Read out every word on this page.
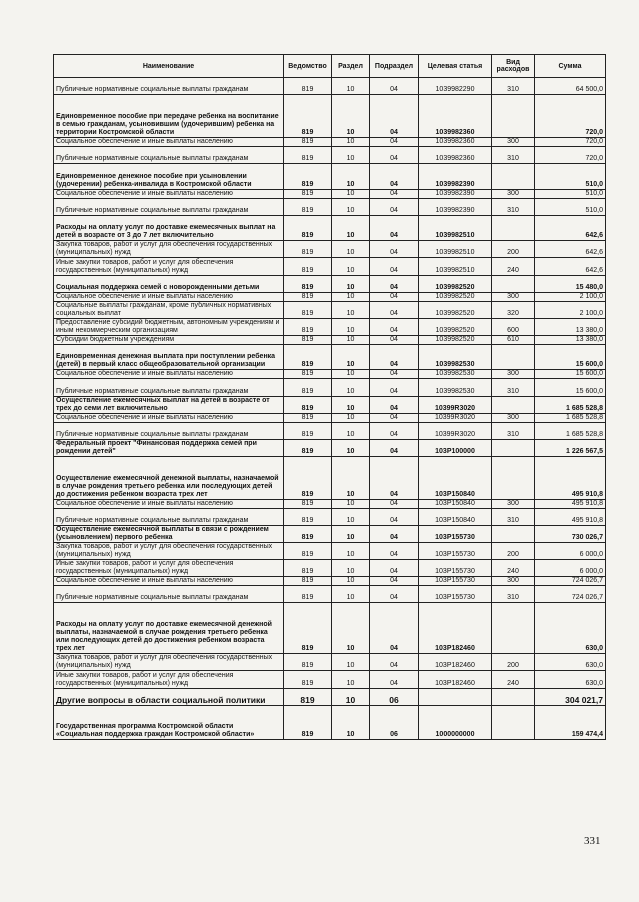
Наименование	Ведомство	Раздел	Подраздел	Целевая статья	Вид расходов	Сумма
Публичные нормативные социальные выплаты гражданам	819	10	04	1039982290	310	64 500,0
Единовременное пособие при передаче ребенка на воспитание в семью гражданам, усыновившим (удочерившим) ребенка на территории Костромской области	819	10	04	1039982360		720,0
Социальное обеспечение и иные выплаты населению	819	10	04	1039982360	300	720,0
Публичные нормативные социальные выплаты гражданам	819	10	04	1039982360	310	720,0
Единовременное денежное пособие при усыновлении (удочерении) ребенка-инвалида в Костромской области	819	10	04	1039982390		510,0
Социальное обеспечение и иные выплаты населению	819	10	04	1039982390	300	510,0
Публичные нормативные социальные выплаты гражданам	819	10	04	1039982390	310	510,0
Расходы на оплату услуг по доставке ежемесячных выплат на детей в возрасте от 3 до 7 лет включительно	819	10	04	1039982510		642,6
Закупка товаров, работ и услуг для обеспечения государственных (муниципальных) нужд	819	10	04	1039982510	200	642,6
Иные закупки товаров, работ и услуг для обеспечения государственных (муниципальных) нужд	819	10	04	1039982510	240	642,6
Социальная поддержка семей с новорожденными детьми	819	10	04	1039982520		15 480,0
Социальное обеспечение и иные выплаты населению	819	10	04	1039982520	300	2 100,0
Социальные выплаты гражданам, кроме публичных нормативных социальных выплат	819	10	04	1039982520	320	2 100,0
Предоставление субсидий бюджетным, автономным учреждениям и иным некоммерческим организациям	819	10	04	1039982520	600	13 380,0
Субсидии бюджетным учреждениям	819	10	04	1039982520	610	13 380,0
Единовременная денежная выплата при поступлении ребенка (детей) в первый класс общеобразовательной организации	819	10	04	1039982530		15 600,0
Социальное обеспечение и иные выплаты населению	819	10	04	1039982530	300	15 600,0
Публичные нормативные социальные выплаты гражданам	819	10	04	1039982530	310	15 600,0
Осуществление ежемесячных выплат на детей в возрасте от трех до семи лет включительно	819	10	04	10399R3020		1 685 528,8
Социальное обеспечение и иные выплаты населению	819	10	04	10399R3020	300	1 685 528,8
Публичные нормативные социальные выплаты гражданам	819	10	04	10399R3020	310	1 685 528,8
Федеральный проект "Финансовая поддержка семей при рождении детей"	819	10	04	103P100000		1 226 567,5
Осуществление ежемесячной денежной выплаты, назначаемой в случае рождения третьего ребенка или последующих детей до достижения ребенком возраста трех лет	819	10	04	103P150840		495 910,8
Социальное обеспечение и иные выплаты населению	819	10	04	103P150840	300	495 910,8
Публичные нормативные социальные выплаты гражданам	819	10	04	103P150840	310	495 910,8
Осуществление ежемесячной выплаты в связи с рождением (усыновлением) первого ребенка	819	10	04	103P155730		730 026,7
Закупка товаров, работ и услуг для обеспечения государственных (муниципальных) нужд	819	10	04	103P155730	200	6 000,0
Иные закупки товаров, работ и услуг для обеспечения государственных (муниципальных) нужд	819	10	04	103P155730	240	6 000,0
Социальное обеспечение и иные выплаты населению	819	10	04	103P155730	300	724 026,7
Публичные нормативные социальные выплаты гражданам	819	10	04	103P155730	310	724 026,7
Расходы на оплату услуг по доставке ежемесячной денежной выплаты, назначаемой в случае рождения третьего ребенка или последующих детей до достижения ребенком возраста трех лет	819	10	04	103P182460		630,0
Закупка товаров, работ и услуг для обеспечения государственных (муниципальных) нужд	819	10	04	103P182460	200	630,0
Иные закупки товаров, работ и услуг для обеспечения государственных (муниципальных) нужд	819	10	04	103P182460	240	630,0
Другие вопросы в области социальной политики	819	10	06			304 021,7
Государственная программа Костромской области «Социальная поддержка граждан Костромской области»	819	10	06	1000000000		159 474,4
331
